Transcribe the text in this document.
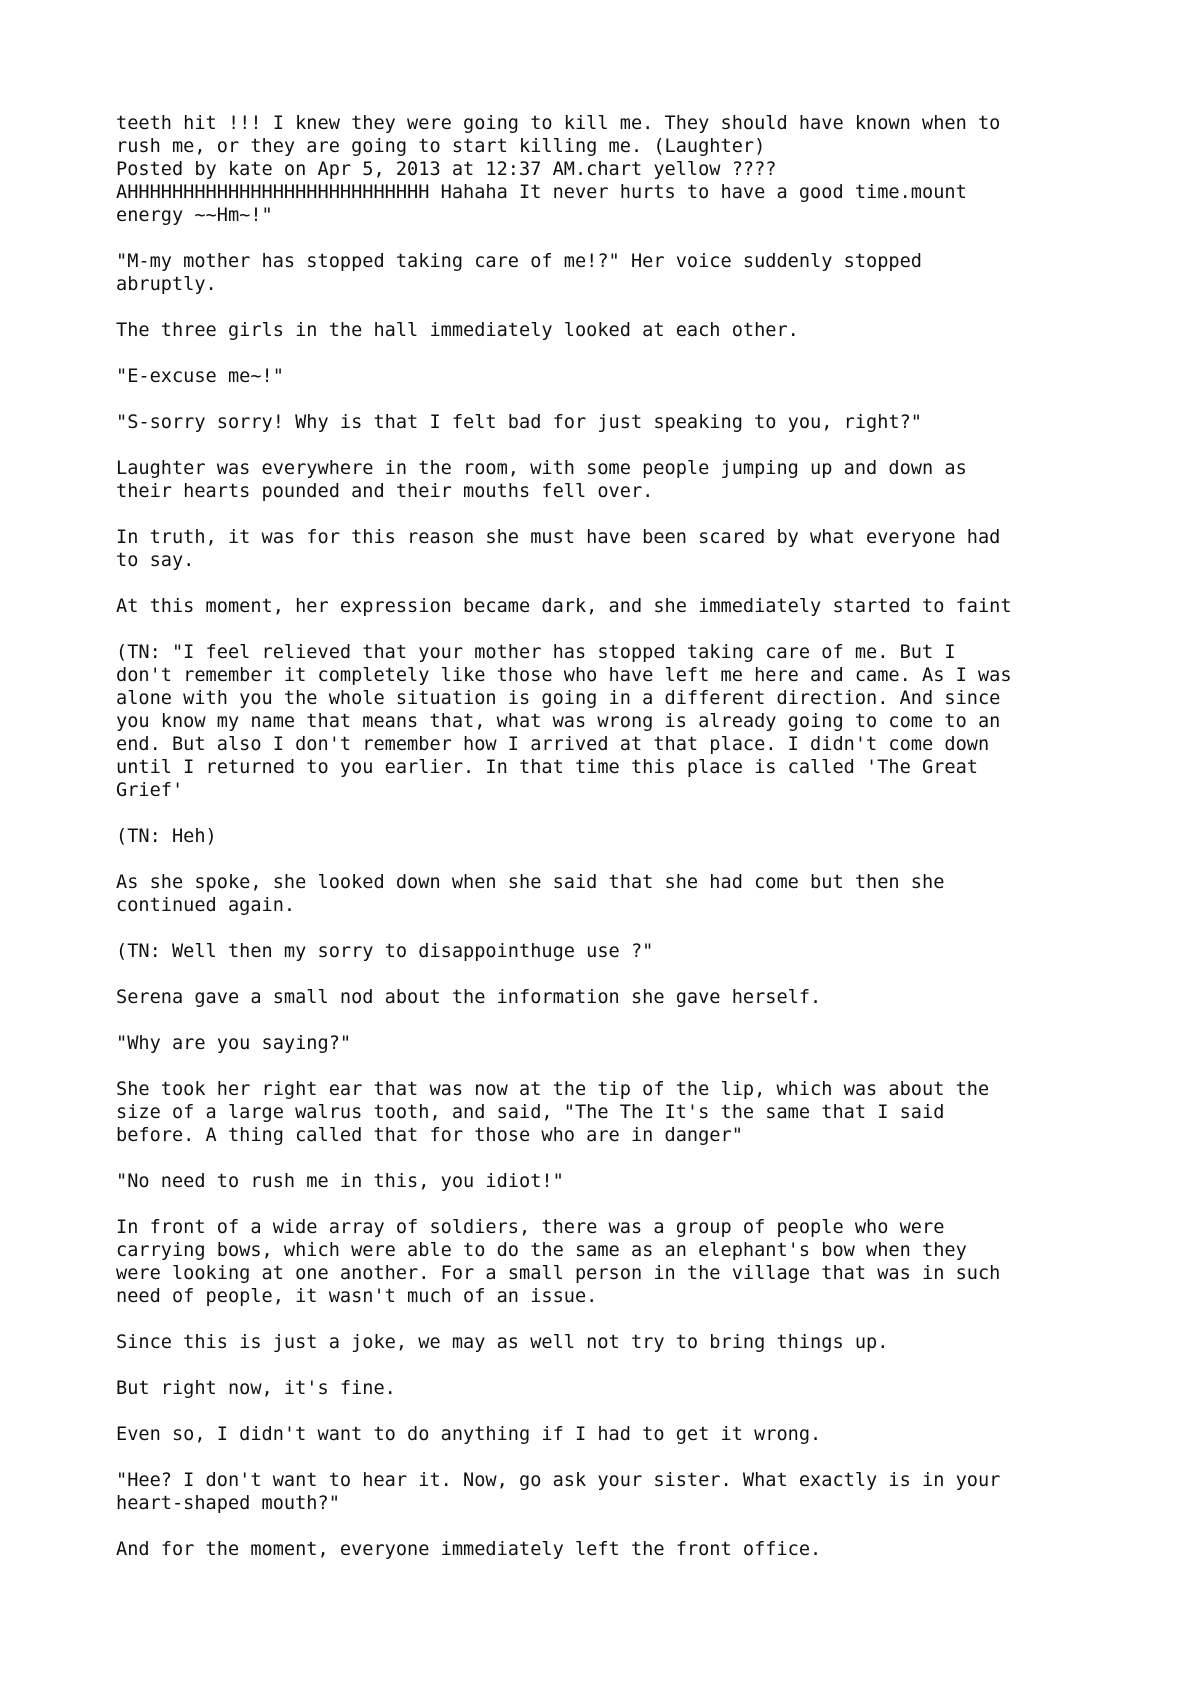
teeth hit !!! I knew they were going to kill me. They should have known when to
rush me, or they are going to start killing me. (Laughter)
Posted by kate on Apr 5, 2013 at 12:37 AM.chart yellow ????
AHHHHHHHHHHHHHHHHHHHHHHHHHHH Hahaha It never hurts to have a good time.mount
energy ~~Hm~!"

"M-my mother has stopped taking care of me!?" Her voice suddenly stopped
abruptly.

The three girls in the hall immediately looked at each other.

"E-excuse me~!"

"S-sorry sorry! Why is that I felt bad for just speaking to you, right?"

Laughter was everywhere in the room, with some people jumping up and down as
their hearts pounded and their mouths fell over.

In truth, it was for this reason she must have been scared by what everyone had
to say.

At this moment, her expression became dark, and she immediately started to faint

(TN: "I feel relieved that your mother has stopped taking care of me. But I
don't remember it completely like those who have left me here and came. As I was
alone with you the whole situation is going in a different direction. And since
you know my name that means that, what was wrong is already going to come to an
end. But also I don't remember how I arrived at that place. I didn't come down
until I returned to you earlier. In that time this place is called 'The Great
Grief'

(TN: Heh)

As she spoke, she looked down when she said that she had come but then she
continued again.

(TN: Well then my sorry to disappointhuge use ?"

Serena gave a small nod about the information she gave herself.

"Why are you saying?"

She took her right ear that was now at the tip of the lip, which was about the
size of a large walrus tooth, and said, "The The It's the same that I said
before. A thing called that for those who are in danger"

"No need to rush me in this, you idiot!"

In front of a wide array of soldiers, there was a group of people who were
carrying bows, which were able to do the same as an elephant's bow when they
were looking at one another. For a small person in the village that was in such
need of people, it wasn't much of an issue.

Since this is just a joke, we may as well not try to bring things up.

But right now, it's fine.

Even so, I didn't want to do anything if I had to get it wrong.

"Hee? I don't want to hear it. Now, go ask your sister. What exactly is in your
heart-shaped mouth?"

And for the moment, everyone immediately left the front office.
